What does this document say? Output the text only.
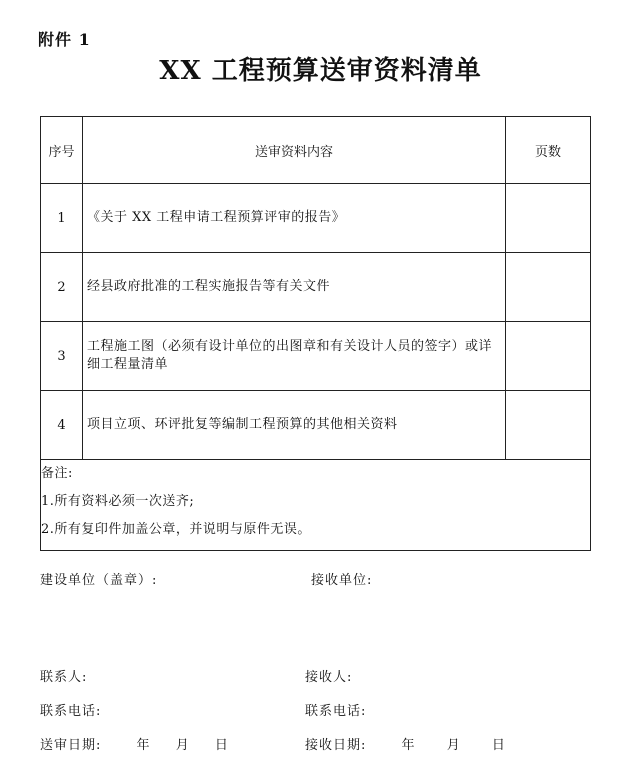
附件 1
XX 工程预算送审资料清单
序号	送审资料内容	页数
1	《关于 XX 工程申请工程预算评审的报告》	
2	经县政府批准的工程实施报告等有关文件	
3	工程施工图（必须有设计单位的出图章和有关设计人员的签字）或详细工程量清单	
4	项目立项、环评批复等编制工程预算的其他相关资料	

备注:
1.所有资料必须一次送齐;
2.所有复印件加盖公章，并说明与原件无误。		
建设单位（盖章）:	接收单位:
联系人:	接收人:
联系电话:	联系电话:
送审日期:	年 月 日	接收日期:	年 月 日
